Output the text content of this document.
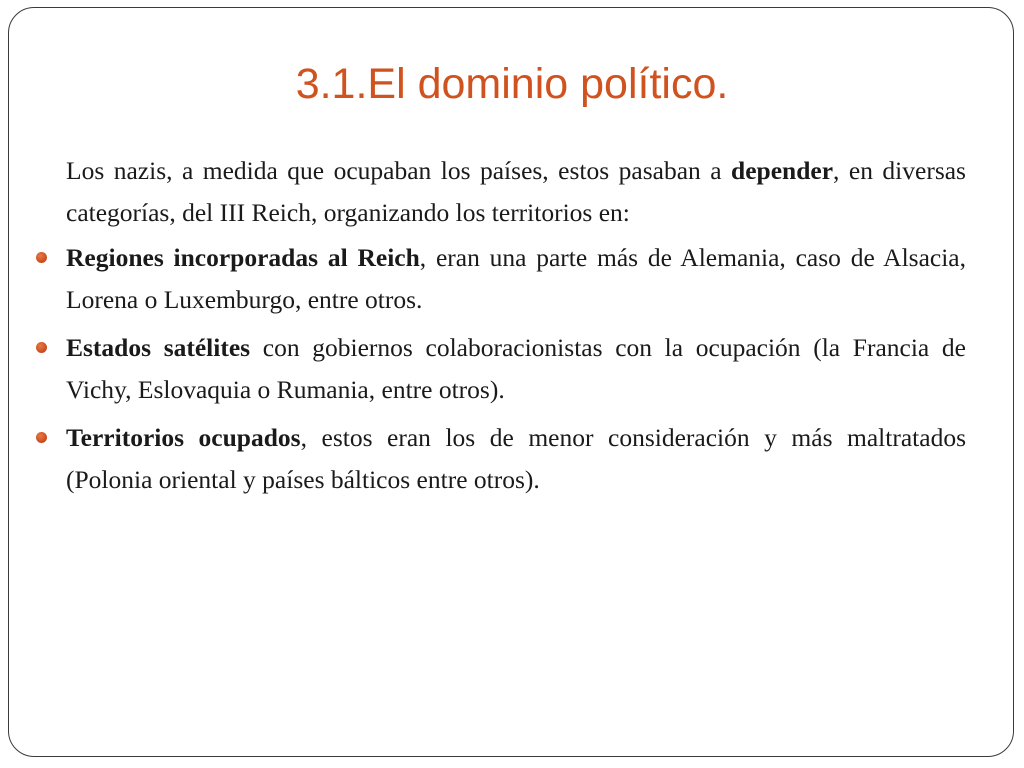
3.1.El dominio político.

Los nazis, a medida que ocupaban los países, estos pasaban a depender, en diversas categorías, del III Reich, organizando los territorios en:

Regiones incorporadas al Reich, eran una parte más de Alemania, caso de Alsacia, Lorena o Luxemburgo, entre otros.
Estados satélites con gobiernos colaboracionistas con la ocupación (la Francia de Vichy, Eslovaquia o Rumania, entre otros).
Territorios ocupados, estos eran los de menor consideración y más maltratados (Polonia oriental y países bálticos entre otros).
